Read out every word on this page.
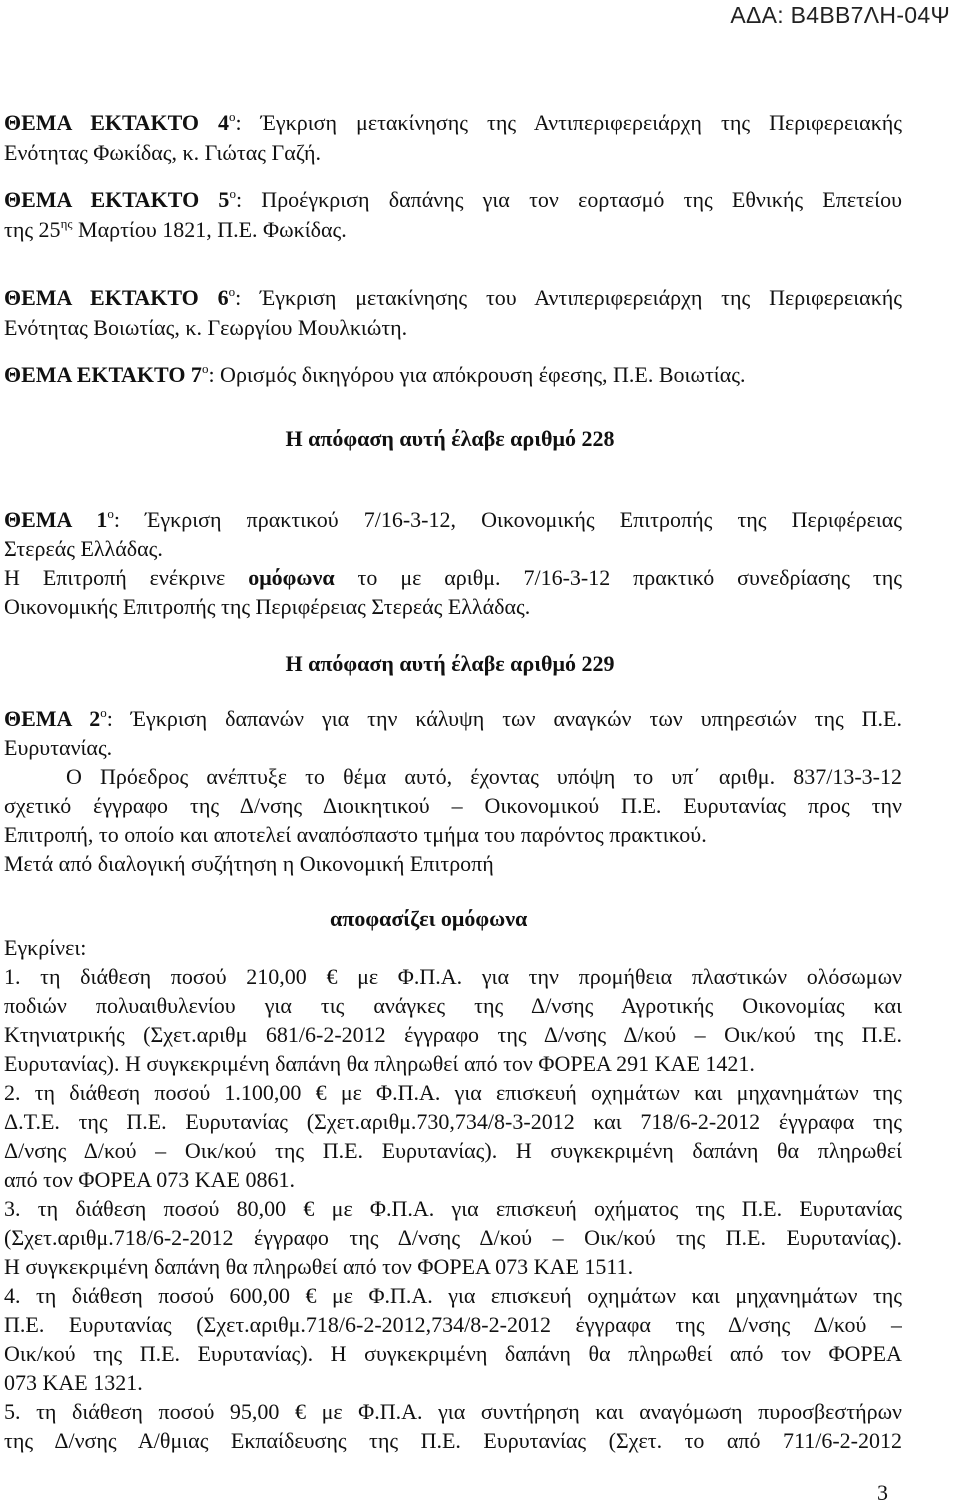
ΑΔΑ: Β4ΒΒ7ΛΗ-04Ψ
ΘΕΜΑ ΕΚΤΑΚΤΟ $4^o$: Έγκριση μετακίνησης της Αντιπεριφερειάρχη της Περιφερειακής
Ενότητας Φωκίδας, κ. Γιώτας Γαζή.
ΘΕΜΑ ΕΚΤΑΚΤΟ $5^o$: Προέγκριση δαπάνης για τον εορτασμό της Εθνικής Επετείου
της $25^{\eta\varsigma}$ Μαρτίου 1821, Π.Ε. Φωκίδας.
ΘΕΜΑ ΕΚΤΑΚΤΟ $6^o$: Έγκριση μετακίνησης του Αντιπεριφερειάρχη της Περιφερειακής
Ενότητας Βοιωτίας, κ. Γεωργίου Μουλκιώτη.
ΘΕΜΑ ΕΚΤΑΚΤΟ $7^o$: Ορισμός δικηγόρου για απόκρουση έφεσης, Π.Ε. Βοιωτίας.
Η απόφαση αυτή έλαβε αριθμό 228
ΘΕΜΑ $1^o$: Έγκριση πρακτικού 7/16-3-12, Οικονομικής Επιτροπής της Περιφέρειας
Στερεάς Ελλάδας.
Η Επιτροπή ενέκρινε ομόφωνα το με αριθμ. 7/16-3-12 πρακτικό συνεδρίασης της
Οικονομικής Επιτροπής της Περιφέρειας Στερεάς Ελλάδας.
Η απόφαση αυτή έλαβε αριθμό 229
ΘΕΜΑ $2^o$: Έγκριση δαπανών για την κάλυψη των αναγκών των υπηρεσιών της Π.Ε.
Ευρυτανίας.
Ο Πρόεδρος ανέπτυξε το θέμα αυτό, έχοντας υπόψη το υπ΄ αριθμ. 837/13-3-12
σχετικό έγγραφο της Δ/νσης Διοικητικού – Οικονομικού Π.Ε. Ευρυτανίας προς την
Επιτροπή, το οποίο και αποτελεί αναπόσπαστο τμήμα του παρόντος πρακτικού.
Μετά από διαλογική συζήτηση η Οικονομική Επιτροπή
αποφασίζει ομόφωνα
Εγκρίνει:
1. τη διάθεση ποσού 210,00 € με Φ.Π.Α. για την προμήθεια πλαστικών ολόσωμων
ποδιών πολυαιθυλενίου για τις ανάγκες της Δ/νσης Αγροτικής Οικονομίας και
Κτηνιατρικής (Σχετ.αριθμ 681/6-2-2012 έγγραφο της Δ/νσης Δ/κού – Οικ/κού της Π.Ε.
Ευρυτανίας). Η συγκεκριμένη δαπάνη θα πληρωθεί από τον ΦΟΡΕΑ 291 ΚΑΕ 1421.
2. τη διάθεση ποσού 1.100,00 € με Φ.Π.Α. για επισκευή οχημάτων και μηχανημάτων της
Δ.Τ.Ε. της Π.Ε. Ευρυτανίας (Σχετ.αριθμ.730,734/8-3-2012 και 718/6-2-2012 έγγραφα της
Δ/νσης Δ/κού – Οικ/κού της Π.Ε. Ευρυτανίας). Η συγκεκριμένη δαπάνη θα πληρωθεί
από τον ΦΟΡΕΑ 073 ΚΑΕ 0861.
3. τη διάθεση ποσού 80,00 € με Φ.Π.Α. για επισκευή οχήματος της Π.Ε. Ευρυτανίας
(Σχετ.αριθμ.718/6-2-2012 έγγραφο της Δ/νσης Δ/κού – Οικ/κού της Π.Ε. Ευρυτανίας).
Η συγκεκριμένη δαπάνη θα πληρωθεί από τον ΦΟΡΕΑ 073 ΚΑΕ 1511.
4. τη διάθεση ποσού 600,00 € με Φ.Π.Α. για επισκευή οχημάτων και μηχανημάτων της
Π.Ε. Ευρυτανίας (Σχετ.αριθμ.718/6-2-2012,734/8-2-2012 έγγραφα της Δ/νσης Δ/κού –
Οικ/κού της Π.Ε. Ευρυτανίας). Η συγκεκριμένη δαπάνη θα πληρωθεί από τον ΦΟΡΕΑ
073 ΚΑΕ 1321.
5. τη διάθεση ποσού 95,00 € με Φ.Π.Α. για συντήρηση και αναγόμωση πυροσβεστήρων
της Δ/νσης Α/θμιας Εκπαίδευσης της Π.Ε. Ευρυτανίας (Σχετ. το από 711/6-2-2012
3
